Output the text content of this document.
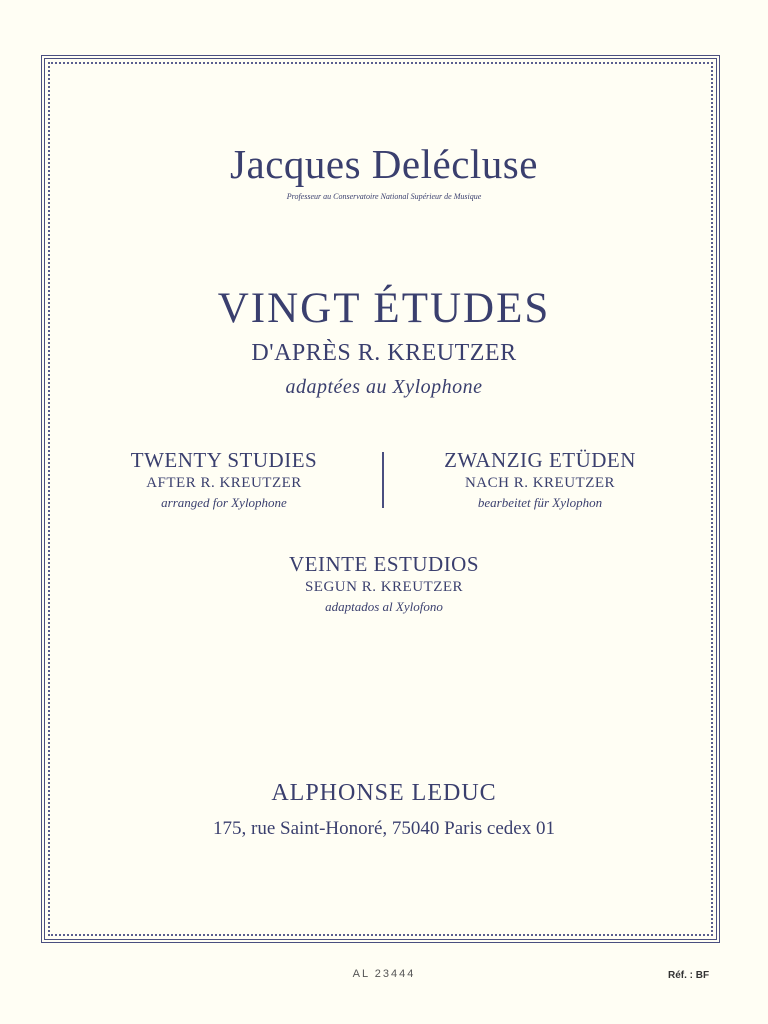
Jacques Delécluse
Professeur au Conservatoire National Supérieur de Musique
VINGT ÉTUDES
D'APRÈS R. KREUTZER
adaptées au Xylophone
TWENTY STUDIES
AFTER R. KREUTZER
arranged for Xylophone
ZWANZIG ETÜDEN
NACH R. KREUTZER
bearbeitet für Xylophon
VEINTE ESTUDIOS
SEGUN R. KREUTZER
adaptados al Xylofono
ALPHONSE LEDUC
175, rue Saint-Honoré, 75040 Paris cedex 01
AL 23444	Réf. : BF
